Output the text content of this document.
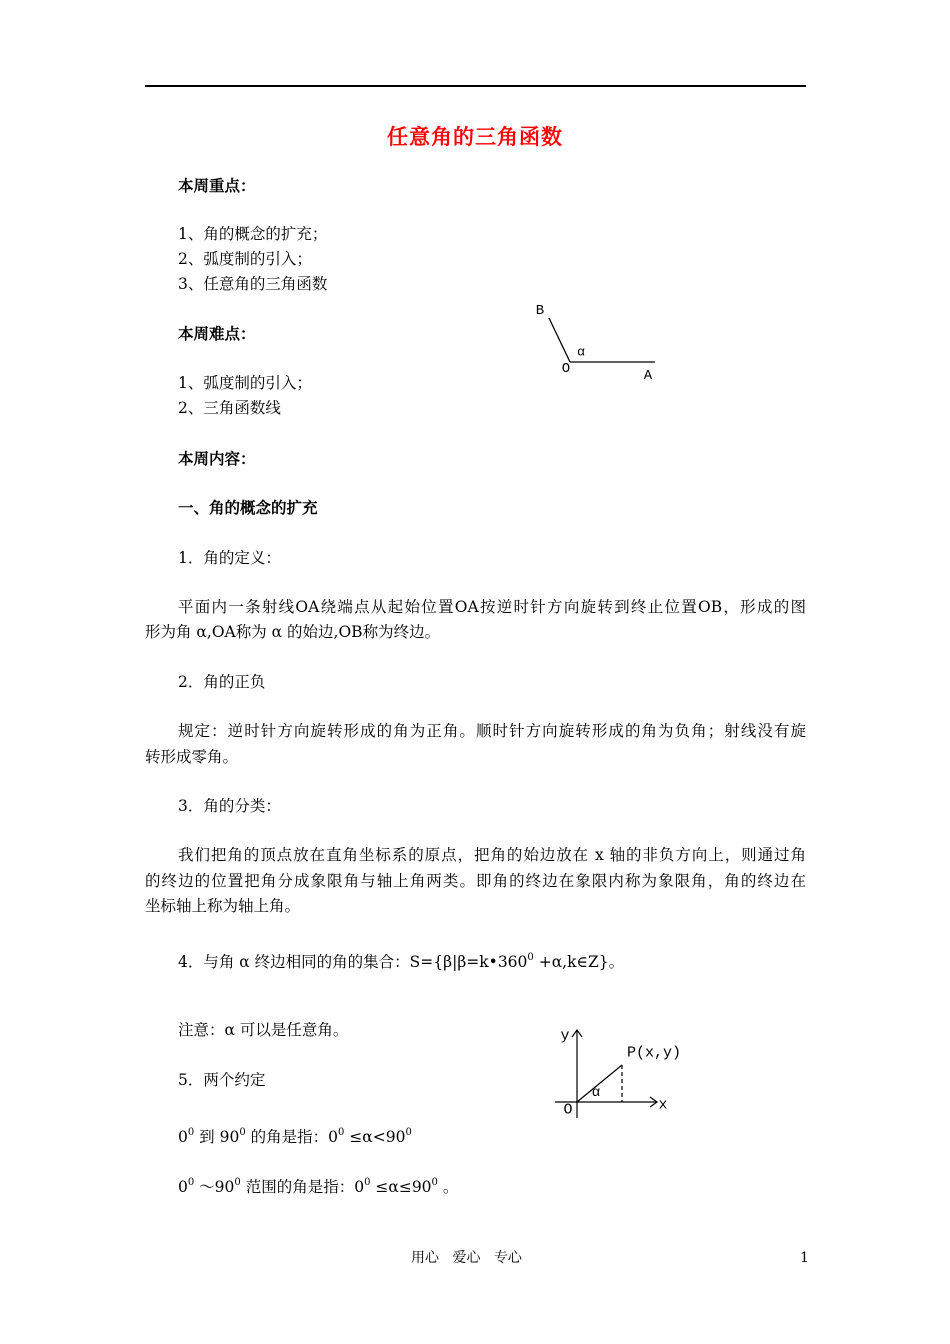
任意角的三角函数
本周重点：
1、角的概念的扩充；
2、弧度制的引入；
3、任意角的三角函数
本周难点：
1、弧度制的引入；
2、三角函数线
本周内容：
一、角的概念的扩充
1．角的定义：
平面内一条射线OA绕端点从起始位置OA按逆时针方向旋转到终止位置OB，形成的图
形为角 α,OA称为 α 的始边,OB称为终边。
2．角的正负
规定：逆时针方向旋转形成的角为正角。顺时针方向旋转形成的角为负角；射线没有旋
转形成零角。
3．角的分类：
我们把角的顶点放在直角坐标系的原点，把角的始边放在 x 轴的非负方向上，则通过角
的终边的位置把角分成象限角与轴上角两类。即角的终边在象限内称为象限角，角的终边在
坐标轴上称为轴上角。
4．与角 α 终边相同的角的集合：$S=\{\beta|\beta=k•360^0$ +α,k∈Z}。
注意：α 可以是任意角。
5．两个约定
$0^0$ 到 $90^0$ 的角是指：$0^0 \le\alpha<90^0$
$0^0$ $\sim 90^0$ 范围的角是指：$0^0 \le\alpha\le 90^0$ 。
B
α
O	A
y
P(x,y)
α
O	x
用心 爱心 专心	1
